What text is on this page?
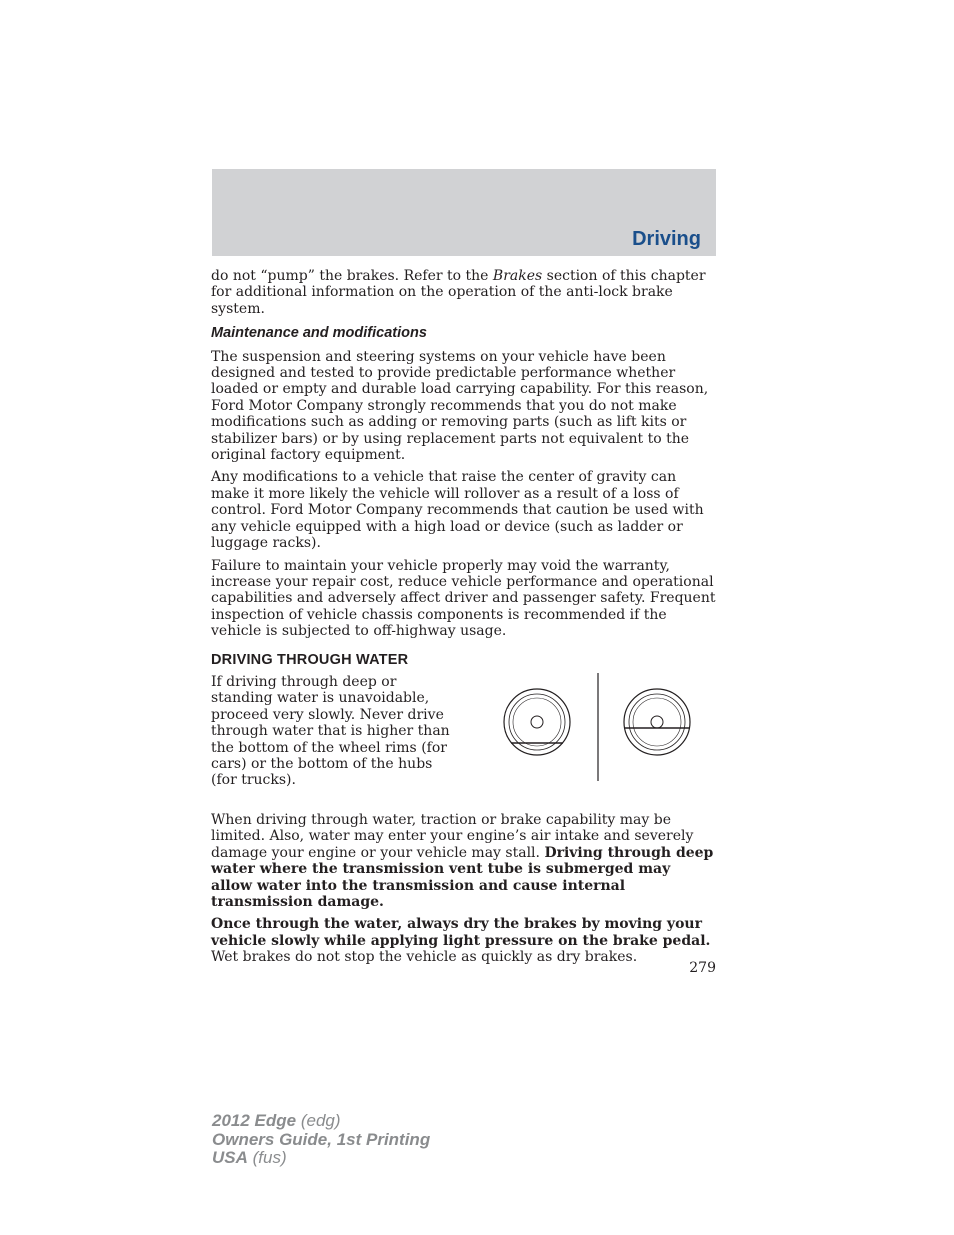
Driving

do not “pump” the brakes. Refer to the Brakes section of this chapter for additional information on the operation of the anti-lock brake system.

Maintenance and modifications

The suspension and steering systems on your vehicle have been designed and tested to provide predictable performance whether loaded or empty and durable load carrying capability. For this reason, Ford Motor Company strongly recommends that you do not make modifications such as adding or removing parts (such as lift kits or stabilizer bars) or by using replacement parts not equivalent to the original factory equipment.

Any modifications to a vehicle that raise the center of gravity can make it more likely the vehicle will rollover as a result of a loss of control. Ford Motor Company recommends that caution be used with any vehicle equipped with a high load or device (such as ladder or luggage racks).

Failure to maintain your vehicle properly may void the warranty, increase your repair cost, reduce vehicle performance and operational capabilities and adversely affect driver and passenger safety. Frequent inspection of vehicle chassis components is recommended if the vehicle is subjected to off-highway usage.

DRIVING THROUGH WATER
If driving through deep or standing water is unavoidable, proceed very slowly. Never drive through water that is higher than the bottom of the wheel rims (for cars) or the bottom of the hubs (for trucks).

When driving through water, traction or brake capability may be limited. Also, water may enter your engine’s air intake and severely damage your engine or your vehicle may stall. Driving through deep water where the transmission vent tube is submerged may allow water into the transmission and cause internal transmission damage.

Once through the water, always dry the brakes by moving your vehicle slowly while applying light pressure on the brake pedal. Wet brakes do not stop the vehicle as quickly as dry brakes.

279
2012 Edge (edg)
Owners Guide, 1st Printing
USA (fus)
